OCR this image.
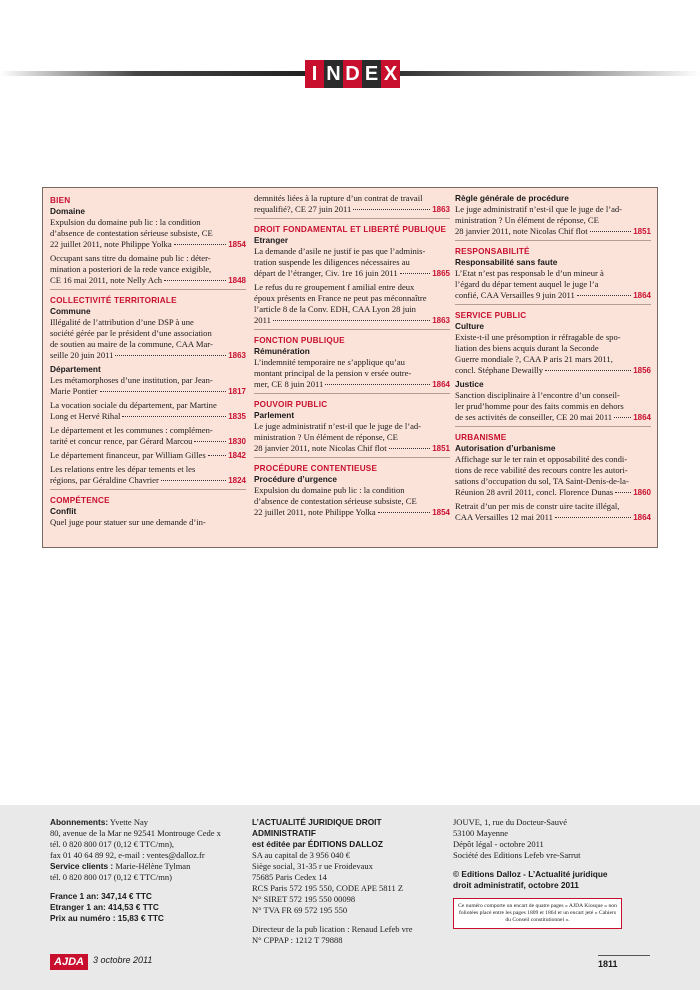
I N D E X
BIEN
Domaine
Expulsion du domaine pub lic : la condition
d’absence de contestation sérieuse subsiste, CE
22 juillet 2011, note Philippe Yolka	1854
Occupant sans titre du domaine pub lic : déter-
mination a posteriori de la rede vance exigible,
CE 16 mai 2011, note Nelly Ach	1848
COLLECTIVITÉ TERRITORIALE
Commune
Illégalité de l’attribution d’une DSP à une
société gérée par le président d’une association
de soutien au maire de la commune, CAA Mar-
seille 20 juin 2011	1863
Département
Les métamorphoses d’une institution, par Jean-
Marie Pontier	1817
La vocation sociale du département, par Martine
Long et Hervé Rihal	1835
Le département et les communes : complémen-
tarité et concur rence, par Gérard Marcou	1830
Le département financeur, par William Gilles	1842
Les relations entre les dépar tements et les
régions, par Géraldine Chavrier	1824
COMPÉTENCE
Conflit
Quel juge pour statuer sur une demande d’in-
demnités liées à la rupture d’un contrat de travail
requalifié?, CE 27 juin 2011	1863
DROIT FONDAMENTAL ET LIBERTÉ PUBLIQUE
Etranger
La demande d’asile ne justif ie pas que l’adminis-
tration suspende les diligences nécessaires au
départ de l’étranger, Civ. 1re 16 juin 2011	1865
Le refus du re groupement f amilial entre deux
époux présents en France ne peut pas méconnaître
l’article 8 de la Conv. EDH, CAA Lyon 28 juin
2011	1863
FONCTION PUBLIQUE
Rémunération
L’indemnité temporaire ne s’applique qu’au
montant principal de la pension v ersée outre-
mer, CE 8 juin 2011	1864
POUVOIR PUBLIC
Parlement
Le juge administratif n’est-il que le juge de l’ad-
ministration ? Un élément de réponse, CE
28 janvier 2011, note Nicolas Chif flot	1851
PROCÉDURE CONTENTIEUSE
Procédure d’urgence
Expulsion du domaine pub lic : la condition
d’absence de contestation sérieuse subsiste, CE
22 juillet 2011, note Philippe Yolka	1854
Règle générale de procédure
Le juge administratif n’est-il que le juge de l’ad-
ministration ? Un élément de réponse, CE
28 janvier 2011, note Nicolas Chif flot	1851
RESPONSABILITÉ
Responsabilité sans faute
L’Etat n’est pas responsab le d’un mineur à
l’égard du dépar tement auquel le juge l’a
confié, CAA Versailles 9 juin 2011	1864
SERVICE PUBLIC
Culture
Existe-t-il une présomption ir réfragable de spo-
liation des biens acquis durant la Seconde
Guerre mondiale ?, CAA P aris 21 mars 2011,
concl. Stéphane Dewailly	1856
Justice
Sanction disciplinaire à l’encontre d’un conseil-
ler prud’homme pour des faits commis en dehors
de ses activités de conseiller, CE 20 mai 2011	1864
URBANISME
Autorisation d’urbanisme
Affichage sur le ter rain et opposabilité des condi-
tions de rece vabilité des recours contre les autori-
sations d’occupation du sol, TA Saint-Denis-de-la-
Réunion 28 avril 2011, concl. Florence Dunas	1860
Retrait d’un per mis de constr uire tacite illégal,
CAA Versailles 12 mai 2011	1864
Abonnements: Yvette Nay
80, avenue de la Mar ne 92541 Montrouge Cede x
tél. 0 820 800 017 (0,12 € TTC/mn),
fax 01 40 64 89 92, e-mail : ventes@dalloz.fr
Service clients : Marie-Hélène Tylman
tél. 0 820 800 017 (0,12 € TTC/mn)
France 1 an: 347,14 € TTC
Etranger 1 an: 414,53 € TTC
Prix au numéro : 15,83 € TTC
L’ACTUALITÉ JURIDIQUE DROIT ADMINISTRATIF
est éditée par ÉDITIONS DALLOZ
SA au capital de 3 956 040 €
Siège social, 31-35 r ue Froidevaux
75685 Paris Cedex 14
RCS Paris 572 195 550, CODE APE 5811 Z
N° SIRET 572 195 550 00098
N° TVA FR 69 572 195 550
Directeur de la pub lication : Renaud Lefeb vre
N° CPPAP : 1212 T 79888
JOUVE, 1, rue du Docteur-Sauvé
53100 Mayenne
Dépôt légal - octobre 2011
Société des Editions Lefeb vre-Sarrut
© Editions Dalloz - L’Actualité juridique
droit administratif, octobre 2011
Ce numéro comporte un encart de quatre pages « AJDA Kiosque » non foliotées placé entre les pages 1809 et 1864 et un encart jeté « Cahiers du Conseil constitutionnel ».
AJDA	3 octobre 2011	1811
